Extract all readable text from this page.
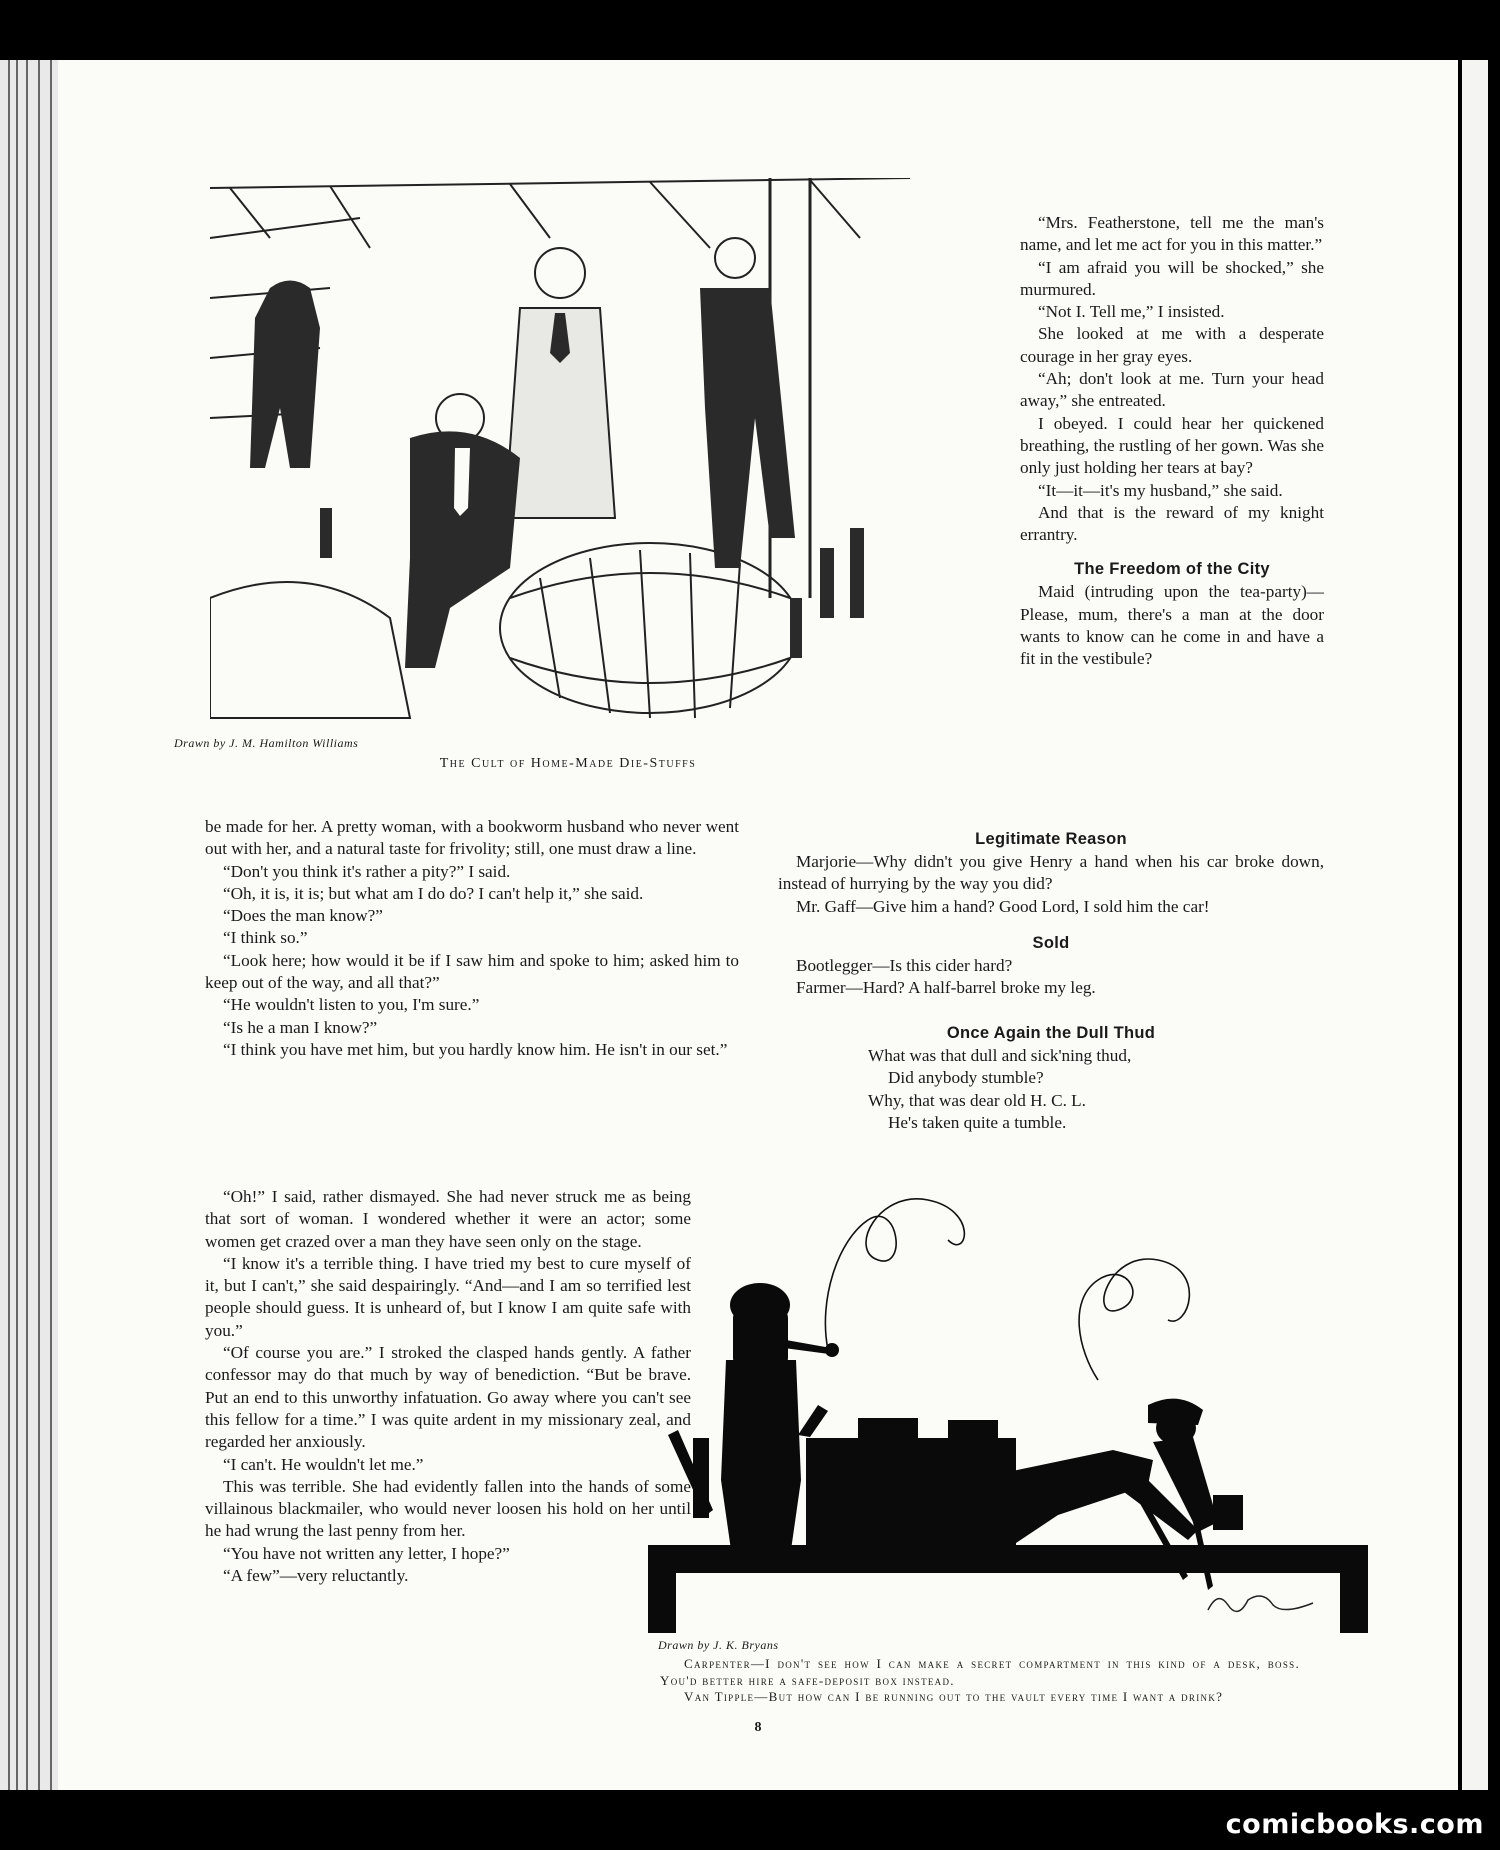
Drawn by J. M. Hamilton Williams
The Cult of Home-Made Die-Stuffs

“Mrs. Featherstone, tell me the man's name, and let me act for you in this matter.”

“I am afraid you will be shocked,” she murmured.

“Not I. Tell me,” I insisted.

She looked at me with a desperate courage in her gray eyes.

“Ah; don't look at me. Turn your head away,” she entreated.

I obeyed. I could hear her quickened breathing, the rustling of her gown. Was she only just holding her tears at bay?

“It—it—it's my husband,” she said.

And that is the reward of my knight errantry.

The Freedom of the City

Maid (intruding upon the tea-party)—Please, mum, there's a man at the door wants to know can he come in and have a fit in the vestibule?

Legitimate Reason

Marjorie—Why didn't you give Henry a hand when his car broke down, instead of hurrying by the way you did?

Mr. Gaff—Give him a hand? Good Lord, I sold him the car!

Sold

Bootlegger—Is this cider hard?

Farmer—Hard? A half-barrel broke my leg.

Once Again the Dull Thud

What was that dull and sick'ning thud,

Did anybody stumble?

Why, that was dear old H. C. L.

He's taken quite a tumble.

be made for her. A pretty woman, with a bookworm husband who never went out with her, and a natural taste for frivolity; still, one must draw a line.

“Don't you think it's rather a pity?” I said.

“Oh, it is, it is; but what am I do do? I can't help it,” she said.

“Does the man know?”

“I think so.”

“Look here; how would it be if I saw him and spoke to him; asked him to keep out of the way, and all that?”

“He wouldn't listen to you, I'm sure.”

“Is he a man I know?”

“I think you have met him, but you hardly know him. He isn't in our set.”

“Oh!” I said, rather dismayed. She had never struck me as being that sort of woman. I wondered whether it were an actor; some women get crazed over a man they have seen only on the stage.

“I know it's a terrible thing. I have tried my best to cure myself of it, but I can't,” she said despairingly. “And—and I am so terrified lest people should guess. It is unheard of, but I know I am quite safe with you.”

“Of course you are.” I stroked the clasped hands gently. A father confessor may do that much by way of benediction. “But be brave. Put an end to this unworthy infatuation. Go away where you can't see this fellow for a time.” I was quite ardent in my missionary zeal, and regarded her anxiously.

“I can't. He wouldn't let me.”

This was terrible. She had evidently fallen into the hands of some villainous blackmailer, who would never loosen his hold on her until he had wrung the last penny from her.

“You have not written any letter, I hope?”

“A few”—very reluctantly.

Drawn by J. K. Bryans

Carpenter—I don't see how I can make a secret compartment in this kind of a desk, boss. You'd better hire a safe-deposit box instead.

Van Tipple—But how can I be running out to the vault every time I want a drink?

8
comicbooks.com
